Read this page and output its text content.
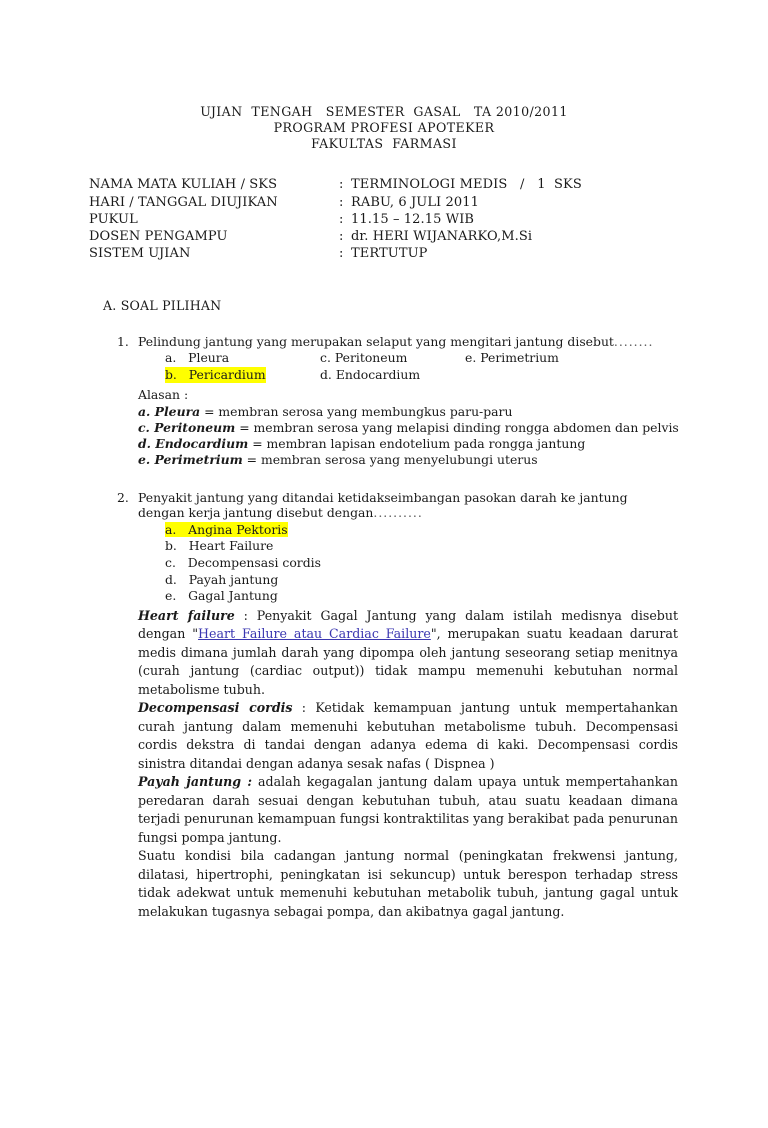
UJIAN  TENGAH   SEMESTER  GASAL   TA 2010/2011
PROGRAM PROFESI APOTEKER
FAKULTAS  FARMASI
NAMA MATA KULIAH / SKS	: TERMINOLOGI MEDIS   /   1  SKS
HARI / TANGGAL DIUJIKAN	: RABU, 6 JULI 2011
PUKUL	: 11.15 – 12.15 WIB
DOSEN PENGAMPU	: dr. HERI WIJANARKO,M.Si
SISTEM UJIAN	: TERTUTUP
A. SOAL PILIHAN
1. Pelindung jantung yang merupakan selaput yang mengitari jantung disebut........
a. Pleura	c. Peritoneum	e. Perimetrium
b. Pericardium	d. Endocardium
Alasan :
a. Pleura = membran serosa yang membungkus paru-paru
c. Peritoneum = membran serosa yang melapisi dinding rongga abdomen dan pelvis
d. Endocardium = membran lapisan endotelium pada rongga jantung
e. Perimetrium = membran serosa yang menyelubungi uterus
2. Penyakit jantung yang ditandai ketidakseimbangan pasokan darah ke jantung dengan kerja jantung disebut dengan..........
a. Angina Pektoris
b. Heart Failure
c. Decompensasi cordis
d. Payah jantung
e. Gagal Jantung

Heart failure : Penyakit Gagal Jantung yang dalam istilah medisnya disebut dengan "Heart Failure atau Cardiac Failure", merupakan suatu keadaan darurat medis dimana jumlah darah yang dipompa oleh jantung seseorang setiap menitnya (curah jantung (cardiac output)) tidak mampu memenuhi kebutuhan normal metabolisme tubuh.

Decompensasi cordis : Ketidak kemampuan jantung untuk mempertahankan curah jantung dalam memenuhi kebutuhan metabolisme tubuh. Decompensasi cordis dekstra di tandai dengan adanya edema di kaki. Decompensasi cordis sinistra ditandai dengan adanya sesak nafas ( Dispnea )

Payah jantung : adalah kegagalan jantung dalam upaya untuk mempertahankan peredaran darah sesuai dengan kebutuhan tubuh, atau suatu keadaan dimana terjadi penurunan kemampuan fungsi kontraktilitas yang berakibat pada penurunan fungsi pompa jantung.

Suatu kondisi bila cadangan jantung normal (peningkatan frekwensi jantung, dilatasi, hipertrophi, peningkatan isi sekuncup) untuk berespon terhadap stress tidak adekwat untuk memenuhi kebutuhan metabolik tubuh, jantung gagal untuk melakukan tugasnya sebagai pompa, dan akibatnya gagal jantung.
